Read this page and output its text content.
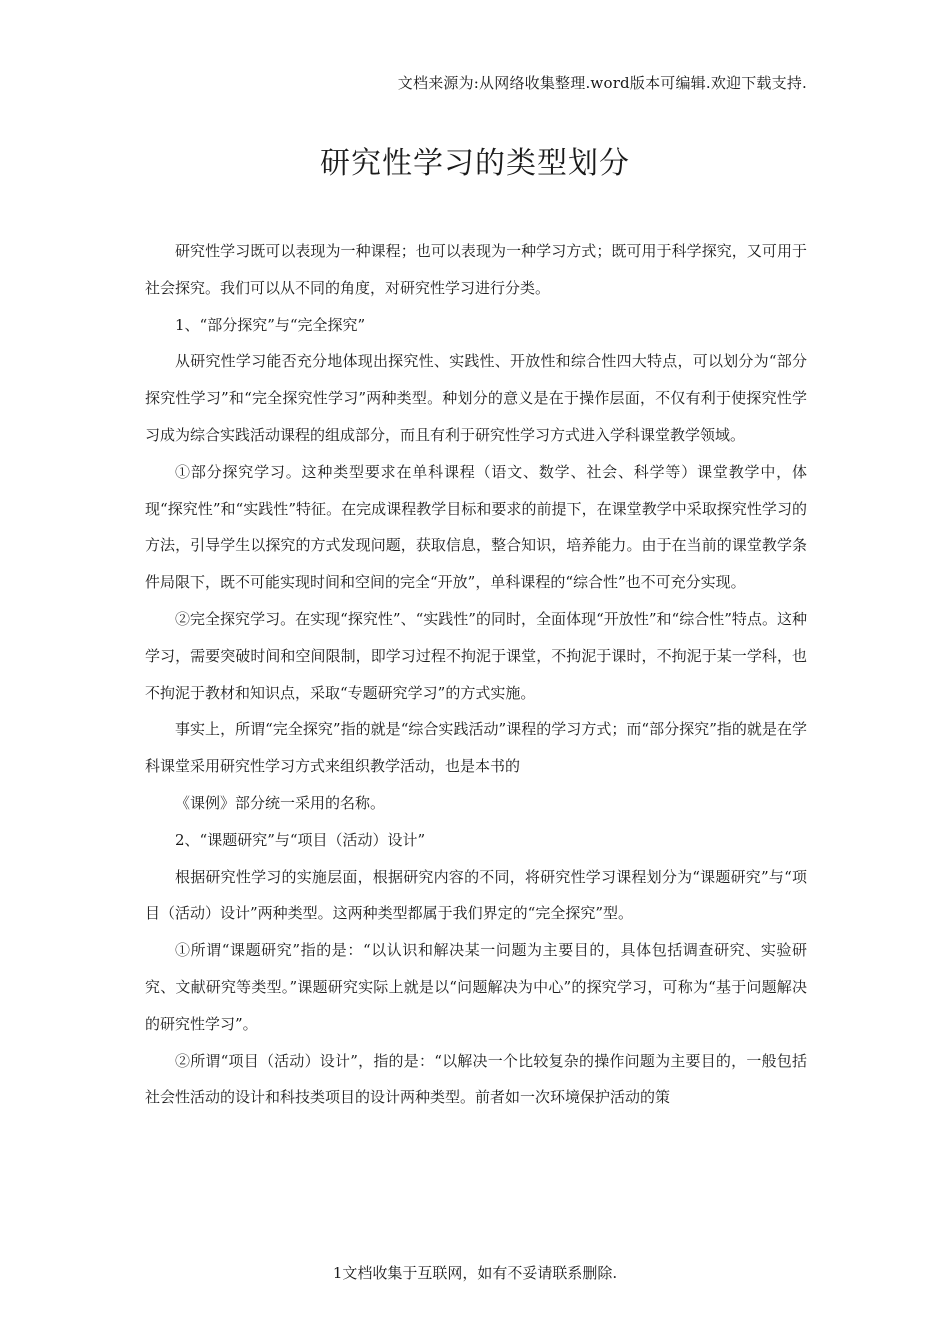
文档来源为:从网络收集整理.word版本可编辑.欢迎下载支持.
研究性学习的类型划分

研究性学习既可以表现为一种课程；也可以表现为一种学习方式；既可用于科学探究，又可用于社会探究。我们可以从不同的角度，对研究性学习进行分类。

1、“部分探究”与“完全探究”

从研究性学习能否充分地体现出探究性、实践性、开放性和综合性四大特点，可以划分为“部分探究性学习”和“完全探究性学习”两种类型。种划分的意义是在于操作层面，不仅有利于使探究性学习成为综合实践活动课程的组成部分，而且有利于研究性学习方式进入学科课堂教学领域。

①部分探究学习。这种类型要求在单科课程（语文、数学、社会、科学等）课堂教学中，体现“探究性”和“实践性”特征。在完成课程教学目标和要求的前提下，在课堂教学中采取探究性学习的方法，引导学生以探究的方式发现问题，获取信息，整合知识，培养能力。由于在当前的课堂教学条件局限下，既不可能实现时间和空间的完全“开放”，单科课程的“综合性”也不可充分实现。

②完全探究学习。在实现“探究性”、“实践性”的同时，全面体现“开放性”和“综合性”特点。这种学习，需要突破时间和空间限制，即学习过程不拘泥于课堂，不拘泥于课时，不拘泥于某一学科，也不拘泥于教材和知识点，采取“专题研究学习”的方式实施。

事实上，所谓“完全探究”指的就是“综合实践活动”课程的学习方式；而“部分探究”指的就是在学科课堂采用研究性学习方式来组织教学活动，也是本书的

《课例》部分统一采用的名称。

2、“课题研究”与“项目（活动）设计”

根据研究性学习的实施层面，根据研究内容的不同，将研究性学习课程划分为“课题研究”与“项目（活动）设计”两种类型。这两种类型都属于我们界定的“完全探究”型。

①所谓“课题研究”指的是：“以认识和解决某一问题为主要目的，具体包括调查研究、实验研究、文献研究等类型。”课题研究实际上就是以“问题解决为中心”的探究学习，可称为“基于问题解决的研究性学习”。

②所谓“项目（活动）设计”，指的是：“以解决一个比较复杂的操作问题为主要目的，一般包括社会性活动的设计和科技类项目的设计两种类型。前者如一次环境保护活动的策

1文档收集于互联网，如有不妥请联系删除.
